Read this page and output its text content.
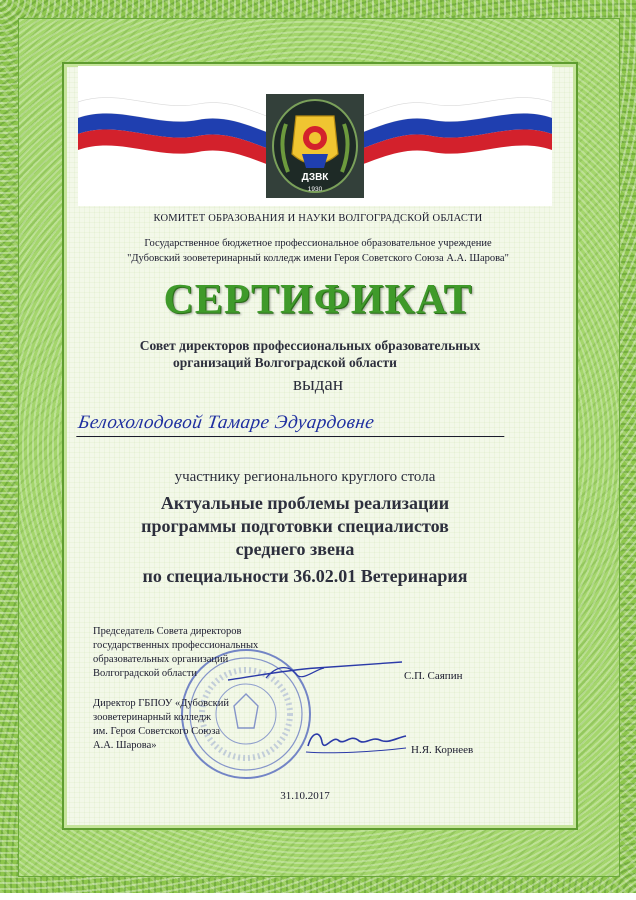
ДЗВК
1930
КОМИТЕТ ОБРАЗОВАНИЯ И НАУКИ ВОЛГОГРАДСКОЙ ОБЛАСТИ
Государственное бюджетное профессиональное образовательное учреждение
"Дубовский зооветеринарный колледж имени Героя Советского Союза А.А. Шарова"
СЕРТИФИКАТ
Совет директоров профессиональных образовательных
организаций Волгоградской области
выдан
Белохолодовой Тамаре Эдуардовне
участнику регионального круглого стола
Актуальные проблемы реализации
программы подготовки специалистов
среднего звена
по специальности 36.02.01 Ветеринария
Председатель Совета директоров
государственных профессиональных
образовательных организаций
Волгоградской области	С.П. Саяпин
Директор ГБПОУ «Дубовский
зооветеринарный колледж
им. Героя Советского Союза
А.А. Шарова»	Н.Я. Корнеев
31.10.2017
